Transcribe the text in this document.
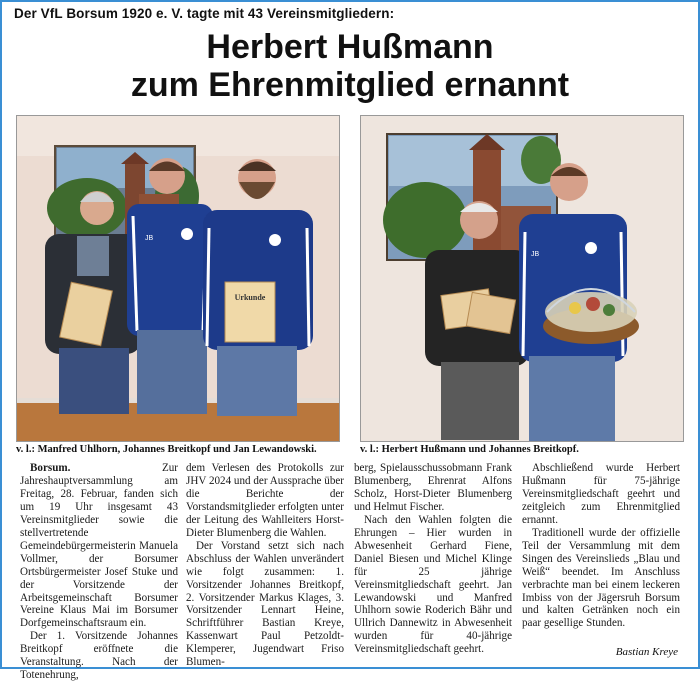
Der VfL Borsum 1920 e. V. tagte mit 43 Vereinsmitgliedern:
Herbert Hußmann
zum Ehrenmitglied ernannt
Urkunde
JB
v. l.: Manfred Uhlhorn, Johannes Breitkopf und Jan Lewandowski.
JB
v. l.: Herbert Hußmann und Johannes Breitkopf.

Borsum. Zur Jahreshauptversammlung am Freitag, 28. Februar, fanden sich um 19 Uhr insgesamt 43 Vereinsmitglieder sowie die stellvertretende Gemeindebürgermeisterin Manuela Vollmer, der Borsumer Ortsbürgermeister Josef Stuke und der Vorsitzende der Arbeitsgemeinschaft Borsumer Vereine Klaus Mai im Borsumer Dorfgemeinschaftsraum ein.

Der 1. Vorsitzende Johannes Breitkopf eröffnete die Veranstaltung. Nach der Totenehrung,

dem Verlesen des Protokolls zur JHV 2024 und der Aussprache über die Berichte der Vorstandsmitglieder erfolgten unter der Leitung des Wahlleiters Horst-Dieter Blumenberg die Wahlen.

Der Vorstand setzt sich nach Abschluss der Wahlen unverändert wie folgt zusammen: 1. Vorsitzender Johannes Breitkopf, 2. Vorsitzender Markus Klages, 3. Vorsitzender Lennart Heine, Schriftführer Bastian Kreye, Kassenwart Paul Petzoldt-Klemperer, Jugendwart Friso Blumen-

berg, Spielausschussobmann Frank Blumenberg, Ehrenrat Alfons Scholz, Horst-Dieter Blumenberg und Helmut Fischer.

Nach den Wahlen folgten die Ehrungen – Hier wurden in Abwesenheit Gerhard Fiene, Daniel Biesen und Michel Klinge für 25 jährige Vereinsmitgliedschaft geehrt. Jan Lewandowski und Manfred Uhlhorn sowie Roderich Bähr und Ullrich Dannewitz in Abwesenheit wurden für 40-jährige Vereinsmitgliedschaft geehrt.

Abschließend wurde Herbert Hußmann für 75-jährige Vereinsmitgliedschaft geehrt und zeitgleich zum Ehrenmitglied ernannt.

Traditionell wurde der offizielle Teil der Versammlung mit dem Singen des Vereinslieds „Blau und Weiß“ beendet. Im Anschluss verbrachte man bei einem leckeren Imbiss von der Jägersruh Borsum und kalten Getränken noch ein paar gesellige Stunden.

Bastian Kreye
